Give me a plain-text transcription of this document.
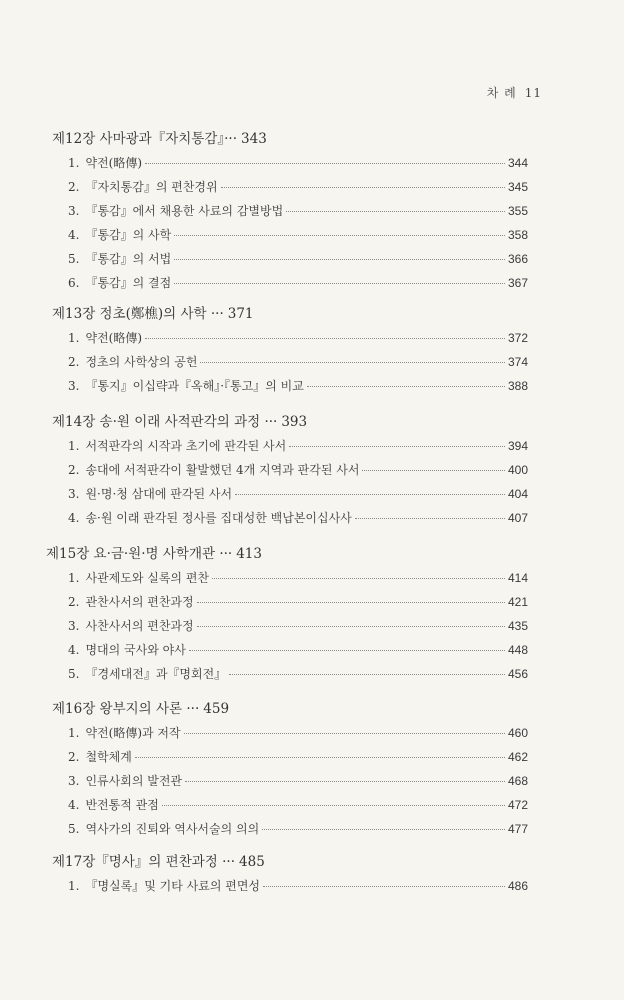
차 례 11
제12장 사마광과『자치통감』··· 343
1. 약전(略傳)	344
2. 『자치통감』의 편찬경위	345
3. 『통감』에서 채용한 사료의 감별방법	355
4. 『통감』의 사학	358
5. 『통감』의 서법	366
6. 『통감』의 결점	367
제13장 정초(鄭樵)의 사학 ··· 371
1. 약전(略傳)	372
2. 정초의 사학상의 공헌	374
3. 『통지』이십략과『옥해』·『통고』의 비교	388
제14장 송·원 이래 사적판각의 과정 ··· 393
1. 서적판각의 시작과 초기에 판각된 사서	394
2. 송대에 서적판각이 활발했던 4개 지역과 판각된 사서	400
3. 원·명·청 삼대에 판각된 사서	404
4. 송·원 이래 판각된 정사를 집대성한 백납본이십사사	407
제15장 요·금·원·명 사학개관 ··· 413
1. 사관제도와 실록의 편찬	414
2. 관찬사서의 편찬과정	421
3. 사찬사서의 편찬과정	435
4. 명대의 국사와 야사	448
5. 『경세대전』과『명회전』	456
제16장 왕부지의 사론 ··· 459
1. 약전(略傳)과 저작	460
2. 철학체계	462
3. 인류사회의 발전관	468
4. 반전통적 관점	472
5. 역사가의 진퇴와 역사서술의 의의	477
제17장『명사』의 편찬과정 ··· 485
1. 『명실록』및 기타 사료의 편면성	486
